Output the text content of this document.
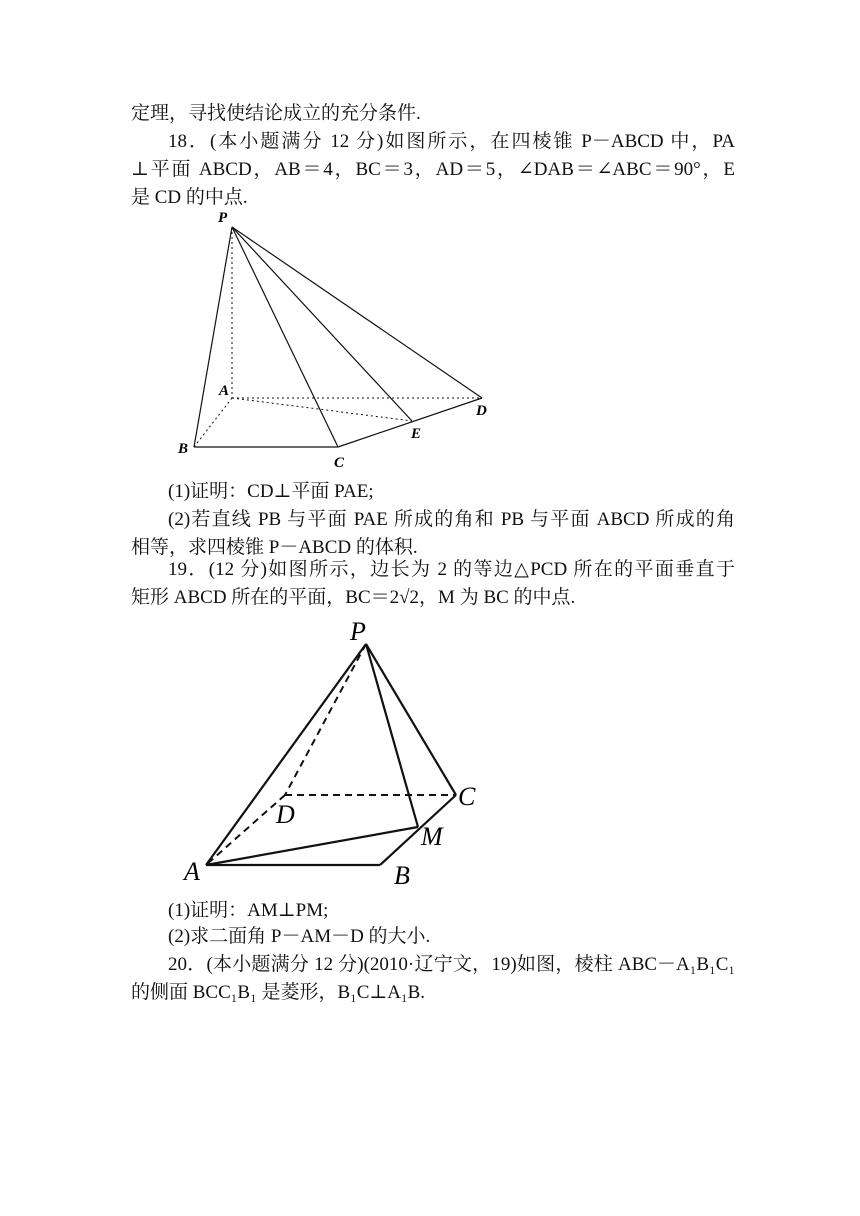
定理，寻找使结论成立的充分条件.
18．(本小题满分 12 分)如图所示，在四棱锥 P－ABCD 中，PA
⊥平面 ABCD，AB＝4，BC＝3，AD＝5，∠DAB＝∠ABC＝90°，E
是 CD 的中点.
P
A
B
C
D
E
(1)证明：CD⊥平面 PAE;
(2)若直线 PB 与平面 PAE 所成的角和 PB 与平面 ABCD 所成的角
相等，求四棱锥 P－ABCD 的体积.
19．(12 分)如图所示，边长为 2 的等边△PCD 所在的平面垂直于
矩形 ABCD 所在的平面，BC＝2√2，M 为 BC 的中点.
P
D
C
M
A	B
(1)证明：AM⊥PM;
(2)求二面角 P－AM－D 的大小.
20．(本小题满分 12 分)(2010·辽宁文，19)如图，棱柱 ABC－A₁B₁C₁
的侧面 BCC₁B₁ 是菱形，B₁C⊥A₁B.
